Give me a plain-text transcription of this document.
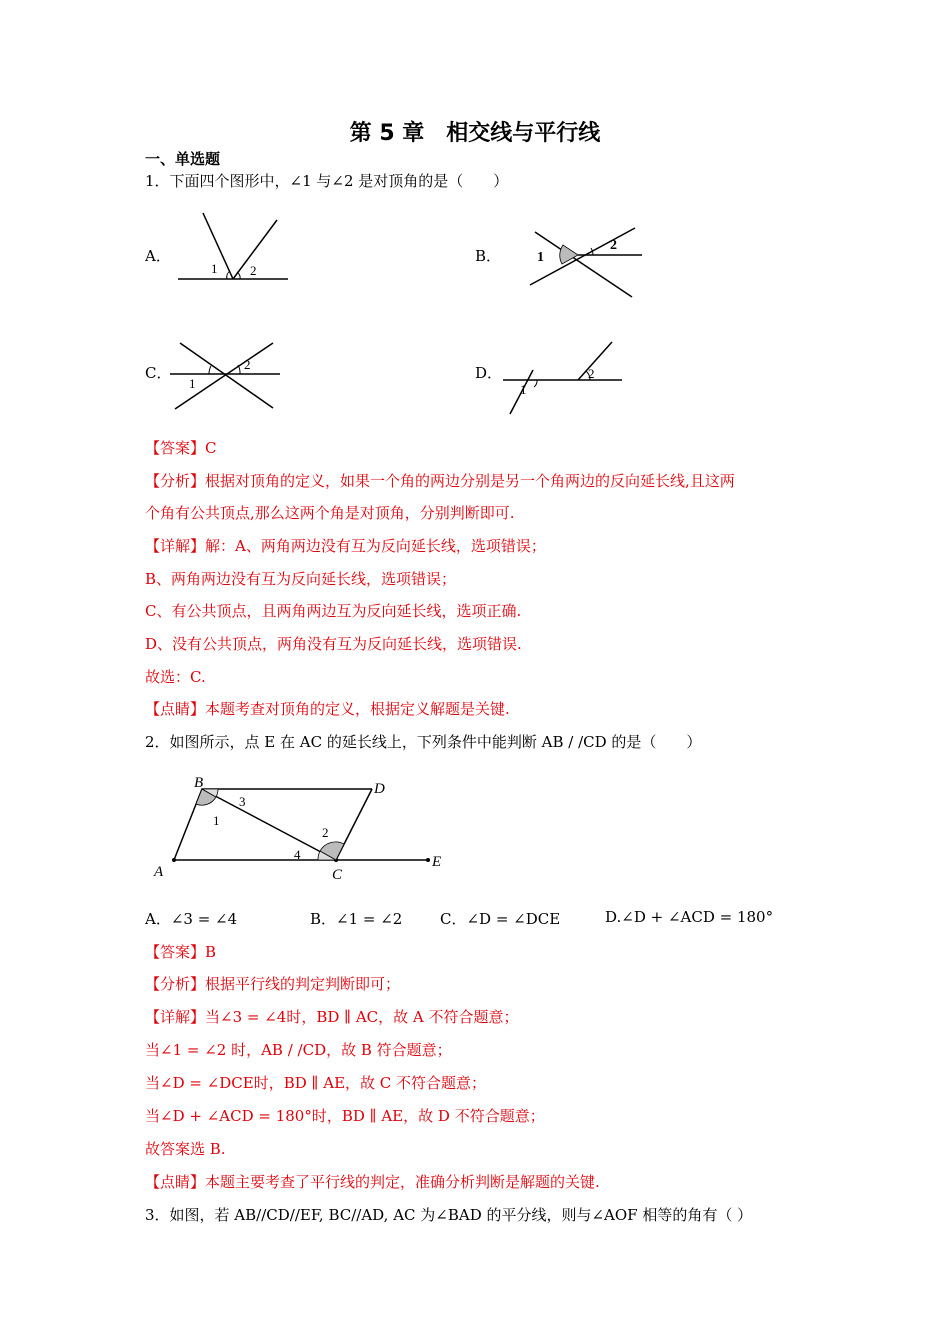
第 5 章　相交线与平行线
一、单选题
1．下面四个图形中，∠1 与∠2 是对顶角的是（　　）
A．
1	2
B．	1
2
C．
1
2	D．
1
2
【答案】C
【分析】根据对顶角的定义，如果一个角的两边分别是另一个角两边的反向延长线,且这两
个角有公共顶点,那么这两个角是对顶角，分别判断即可.
【详解】解：A、两角两边没有互为反向延长线，选项错误；
B、两角两边没有互为反向延长线，选项错误；
C、有公共顶点，且两角两边互为反向延长线，选项正确.
D、没有公共顶点，两角没有互为反向延长线，选项错误.
故选：C.
【点睛】本题考查对顶角的定义，根据定义解题是关键.
2．如图所示，点 E 在 AC 的延长线上，下列条件中能判断 AB / /CD 的是（　　）
B	D
A	C
E
1
2
3
4
A．∠3 = ∠4	B．∠1 = ∠2	C．∠D = ∠DCE	D.∠D + ∠ACD = 180°
【答案】B
【分析】根据平行线的判定判断即可；
【详解】当∠3 = ∠4时，BD ∥ AC，故 A 不符合题意；
当∠1 = ∠2 时，AB / /CD，故 B 符合题意；
当∠D = ∠DCE时，BD ∥ AE，故 C 不符合题意；
当∠D + ∠ACD = 180°时，BD ∥ AE，故 D 不符合题意；
故答案选 B.
【点睛】本题主要考查了平行线的判定，准确分析判断是解题的关键.
3．如图，若 AB//CD//EF, BC//AD, AC 为∠BAD 的平分线，则与∠AOF 相等的角有（ ）
